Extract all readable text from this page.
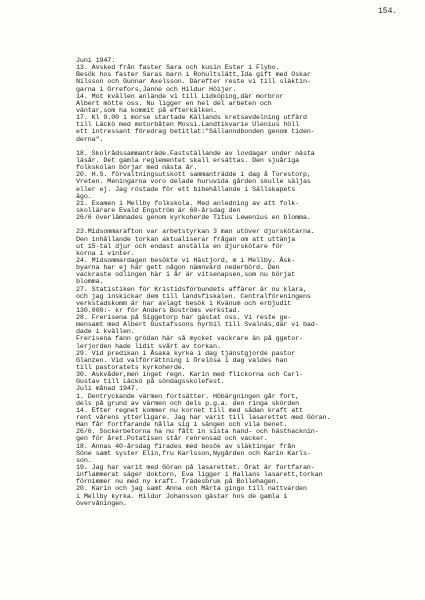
154.
Juni 1947.
13. Avsked från faster Sara och kusin Ester i Flybo.
Besök hos faster Saras barn i Rohultslätt,Ida gift med Oskar
Nilsson och Gunnar Axelsson. Därefter reste vi till släktin-
garna i Orrefors,Janne och Hildur Höijer.
14. Mot kvällen anlände vi till Lidköping,där morbror
Albert mötte oss. Nu ligger en hel del arbeten och
väntar,som ha kommit på efterkälken.
17. Kl 9.00 i morse startade Källands kretsavdelning utfärd
till Läckö med motorbåten Mossi.Landtikvarie Ulenius höll
ett intressant föredrag betitlat:"Sällanndbonden genom tiden-
derna".
18. Skolrådssammanträde.Fastställande av lovdagar under nästa
läsår. Det gamla reglementet skall ersättas. Den sjuåriga
folkskolan börjar med nästa år.
20. H.S. förvaltningsutskott sammanträdde i dag å Torestorp,
Vreten. Meningarna voro delade huruvida gården skulle säljas
eller ej. Jag röstade för ett bibehållande i Sällskapets
ägo.
21. Examen i Mellby folkskola. Med anledning av att folk-
skollärare Evald Engström är 60-årsdag den
26/6 överlämnades genom kyrkoherde Titus Lewenius en blomma.
23.Midsommarafton var arbetstyrkan 3 man utöver djurskötarna.
Den inhållande torkan aktualiserar frågan om att uttänja
ut 15-tal djur och endast anställa en djurskötare för
korna i vinter.
24. Midsommardagen besökte vi Hästjord, m i Mellby. Åsk-
byarna har ej här gett någon nämnvärd nederbörd. Den
vackraste odlingen här i år är vitsenapsen,som nu börjat
blomma.
27. Statistiken för Kristidsförbundets affärer är nu klara,
och jag inskickar dem till landsfiskalen. Centralföreningens
verkstadskomm är har avlagt besök i Kvänum och erbjudit
130.000:- kr för Anders Boströms verkstad.
28. Frerisena på Siggetorp har gästat oss. Vi reste ge-
mensamt med Albert Gustafssons hyrbil till Svalnäs,där vi bad-
dade i kvällen.
Frerisena fann grödan här så mycket vackrare än på ggetor-
lerjorden hade lidit svårt av torkan.
29. Vid predikan i Åsaka kyrka i dag tjänstgjorde pastor
Glanzen. Vid valförrättning i Örelösa i dag valdes han
till pastoratets kyrkoherde.
30. Askvåder,men inget regn. Karin med flickorna och Carl-
Gustav till Läckö på söndagsskolefest.
Juli månad 1947.
1. Dentryckande värmen fortsätter. Höbärgningen går fort,
dels på grund av värmen och dels p.g.a. den ringa skörden
14. Efter regnet kommer nu kornet till med sådan kraft att
rent vårens ytterligare. Jag har varit till lasarettet med Göran.
Han får fortfarande hålla sig i sängen och vila benet.
26/6. Sockerbetorna ha nu fått in sista hand- och hästhacknin-
gen för året.Potatisen står renrensad och vacker.
18. Annas 40-årsdag firades med besök av släktingar från
Söne samt syster Elin,fru Karlsson,Nygården och Karin Karls-
son.
19. Jag har varit med Göran på lasarettet. Örat är fortfaran-
inflammerat säger doktorn, Eva ligger i Hallans lasarett,torkan
förnimmer nu med ny kraft. Trädesbruk på Bollehagen.
20. Karin och jag samt Anna och Märta gingo till nattvarden
i Mellby kyrka. Hildur Johansson gästar hos de gamla i
övervåningen.
